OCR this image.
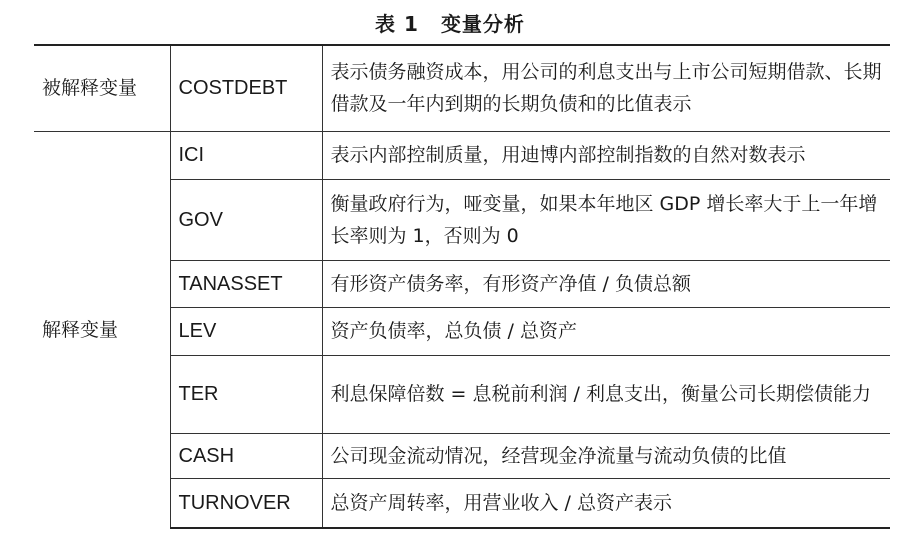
表 1 变量分析
被解释变量	COSTDEBT	表示债务融资成本，用公司的利息支出与上市公司短期借款、长期借款及一年内到期的长期负债和的比值表示
解释变量	ICI	表示内部控制质量，用迪博内部控制指数的自然对数表示
	GOV	衡量政府行为，哑变量，如果本年地区 GDP 增长率大于上一年增长率则为 1，否则为 0
	TANASSET	有形资产债务率，有形资产净值 / 负债总额
	LEV	资产负债率，总负债 / 总资产
	TER	利息保障倍数 = 息税前利润 / 利息支出，衡量公司长期偿债能力
	CASH	公司现金流动情况，经营现金净流量与流动负债的比值
	TURNOVER	总资产周转率，用营业收入 / 总资产表示
